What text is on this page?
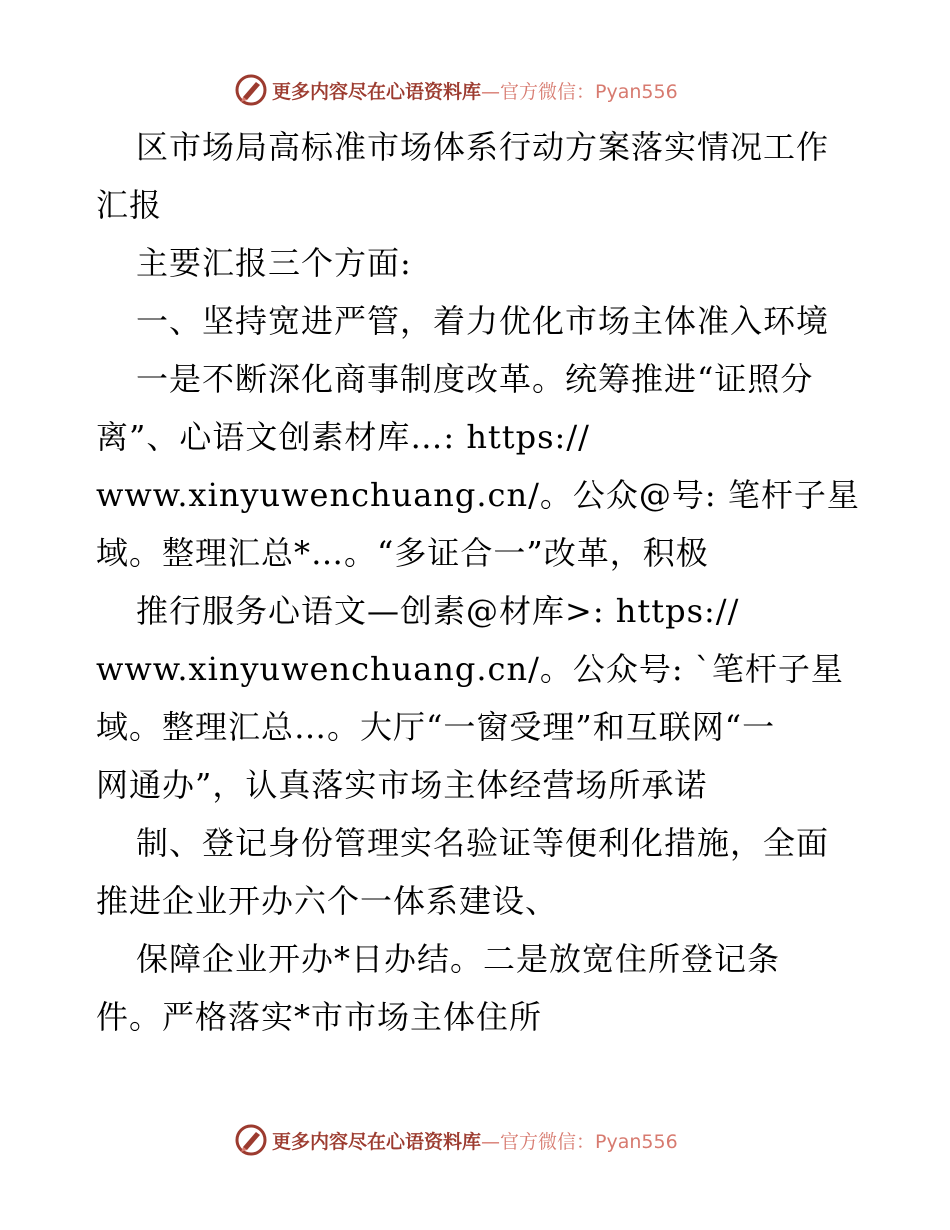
更多内容尽在心语资料库 —官方微信：Pyan556
区市场局高标准市场体系行动方案落实情况工作
汇报
主要汇报三个方面:
一、坚持宽进严管，着力优化市场主体准入环境
一是不断深化商事制度改革。统筹推进“证照分
离”、心语文创素材库…: https://
www.xinyuwenchuang.cn/。公众@号: 笔杆子星
域。整理汇总*…。“多证合一”改革，积极
推行服务心语文—创素@材库>: https://
www.xinyuwenchuang.cn/。公众号: `笔杆子星
域。整理汇总…。大厅“一窗受理”和互联网“一
网通办”，认真落实市场主体经营场所承诺
制、登记身份管理实名验证等便利化措施，全面
推进企业开办六个一体系建设、
保障企业开办*日办结。二是放宽住所登记条
件。严格落实*市市场主体住所
更多内容尽在心语资料库 —官方微信：Pyan556
